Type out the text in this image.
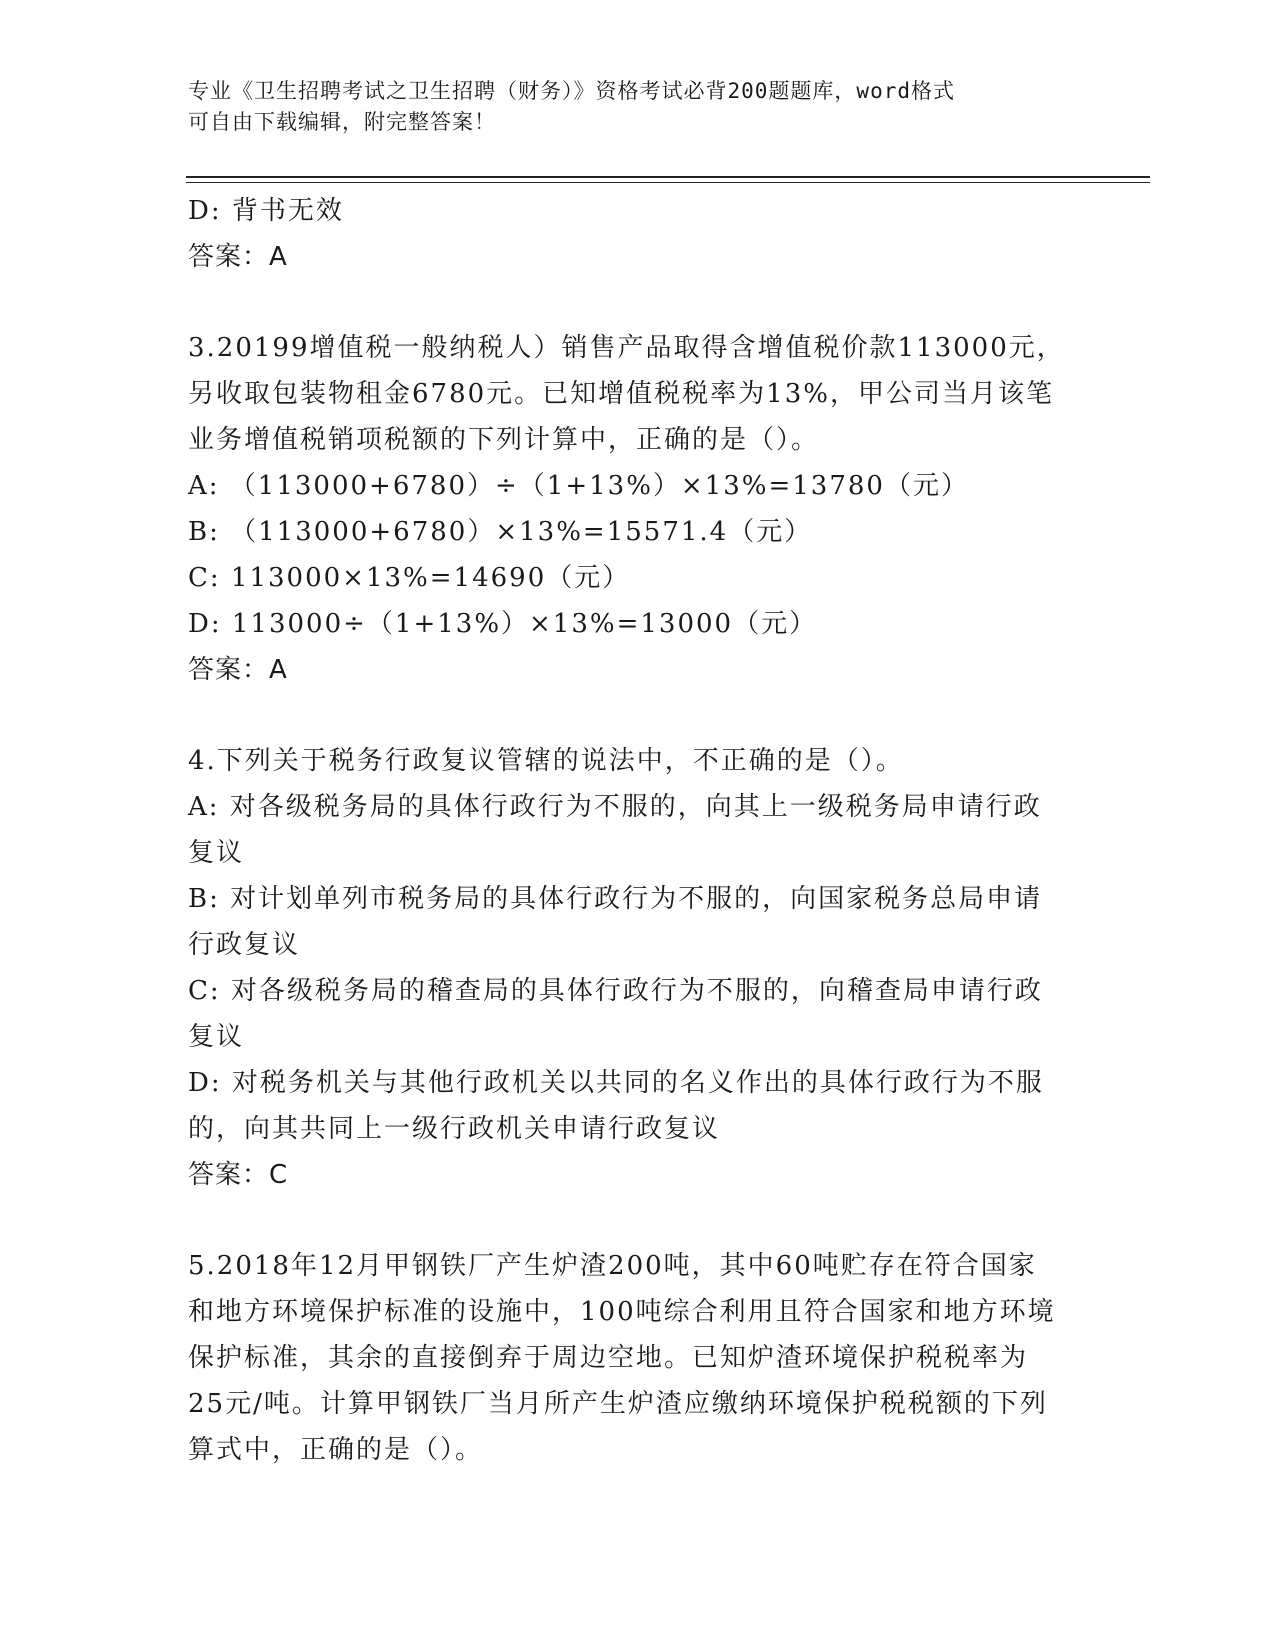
专业《卫生招聘考试之卫生招聘（财务）》资格考试必背200题题库，word格式
可自由下载编辑，附完整答案！
D: 背书无效
答案：A
3.20199增值税一般纳税人）销售产品取得含增值税价款113000元，
另收取包装物租金6780元。已知增值税税率为13%，甲公司当月该笔
业务增值税销项税额的下列计算中，正确的是（）。
A: （113000+6780）÷（1+13%）×13%=13780（元）
B: （113000+6780）×13%=15571.4（元）
C: 113000×13%=14690（元）
D: 113000÷（1+13%）×13%=13000（元）
答案：A
4.下列关于税务行政复议管辖的说法中，不正确的是（）。
A: 对各级税务局的具体行政行为不服的，向其上一级税务局申请行政
复议
B: 对计划单列市税务局的具体行政行为不服的，向国家税务总局申请
行政复议
C: 对各级税务局的稽查局的具体行政行为不服的，向稽查局申请行政
复议
D: 对税务机关与其他行政机关以共同的名义作出的具体行政行为不服
的，向其共同上一级行政机关申请行政复议
答案：C
5.2018年12月甲钢铁厂产生炉渣200吨，其中60吨贮存在符合国家
和地方环境保护标准的设施中，100吨综合利用且符合国家和地方环境
保护标准，其余的直接倒弃于周边空地。已知炉渣环境保护税税率为
25元/吨。计算甲钢铁厂当月所产生炉渣应缴纳环境保护税税额的下列
算式中，正确的是（）。
